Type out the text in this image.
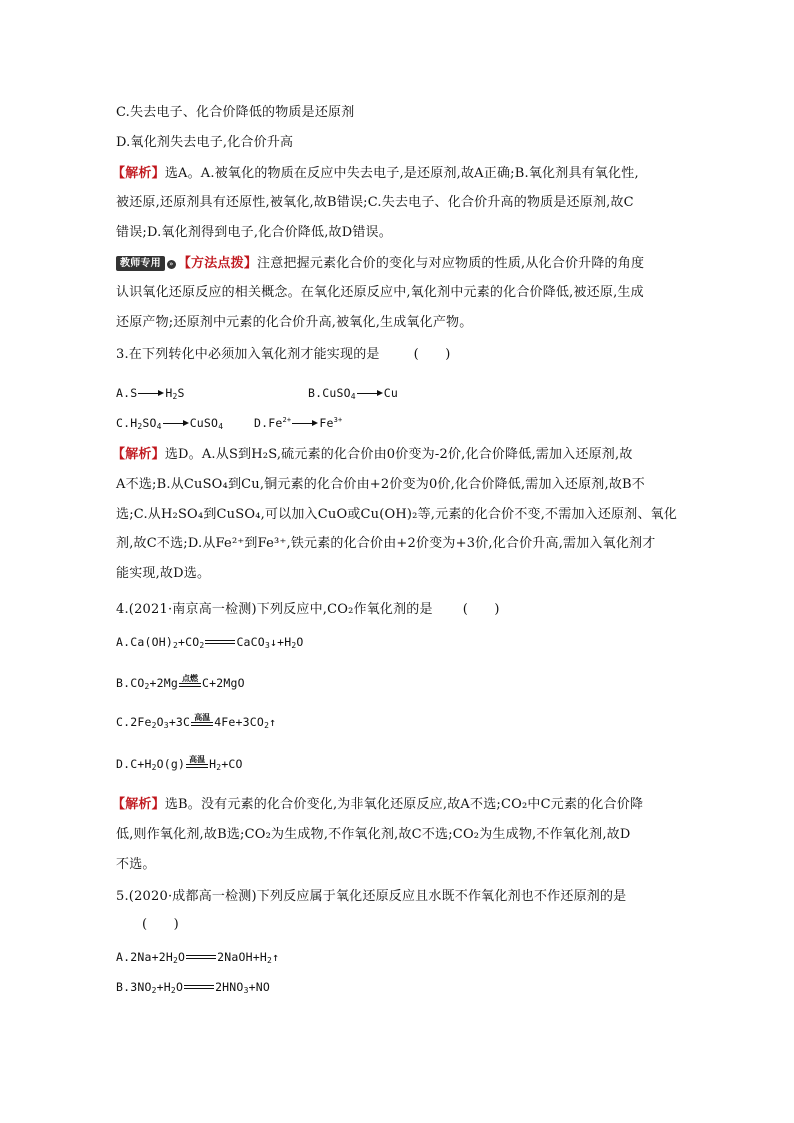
C.失去电子、化合价降低的物质是还原剂
D.氧化剂失去电子,化合价升高
【解析】选A。A.被氧化的物质在反应中失去电子,是还原剂,故A正确;B.氧化剂具有氧化性,
被还原,还原剂具有还原性,被氧化,故B错误;C.失去电子、化合价升高的物质是还原剂,故C
错误;D.氧化剂得到电子,化合价降低,故D错误。
教师专用 » 【方法点拨】注意把握元素化合价的变化与对应物质的性质,从化合价升降的角度
认识氧化还原反应的相关概念。在氧化还原反应中,氧化剂中元素的化合价降低,被还原,生成
还原产物;还原剂中元素的化合价升高,被氧化,生成氧化产物。
3.在下列转化中必须加入氧化剂才能实现的是	(　　)
A.S $H_2S$	B.CuSO$_4$ Cu
$C.H_2SO_4$ CuSO$_4$	$D.Fe^{2+}$ $Fe^{3+}$
【解析】选D。A.从S到H₂S,硫元素的化合价由0价变为-2价,化合价降低,需加入还原剂,故
A不选;B.从CuSO₄到Cu,铜元素的化合价由+2价变为0价,化合价降低,需加入还原剂,故B不
选;C.从H₂SO₄到CuSO₄,可以加入CuO或Cu(OH)₂等,元素的化合价不变,不需加入还原剂、氧化
剂,故C不选;D.从Fe²⁺到Fe³⁺,铁元素的化合价由+2价变为+3价,化合价升高,需加入氧化剂才
能实现,故D选。
4.(2021·南京高一检测)下列反应中,CO₂作氧化剂的是 (　　)
$A.Ca(OH)_2+CO_2$	$CaCO_3↓+H_2O$
$B.CO_2+2Mg$ 点燃 C+2MgO
$C.2Fe_2O_3+3C$ 高温 $4Fe+3CO_2↑$
$D.C+H_2O(g)$ 高温 $H_2+CO$
【解析】选B。没有元素的化合价变化,为非氧化还原反应,故A不选;CO₂中C元素的化合价降
低,则作氧化剂,故B选;CO₂为生成物,不作氧化剂,故C不选;CO₂为生成物,不作氧化剂,故D
不选。
5.(2020·成都高一检测)下列反应属于氧化还原反应且水既不作氧化剂也不作还原剂的是
(　　)
$A.2Na+2H_2O$	$2NaOH+H_2↑$
$B.3NO_2+H_2O$	$2HNO_3+NO$
